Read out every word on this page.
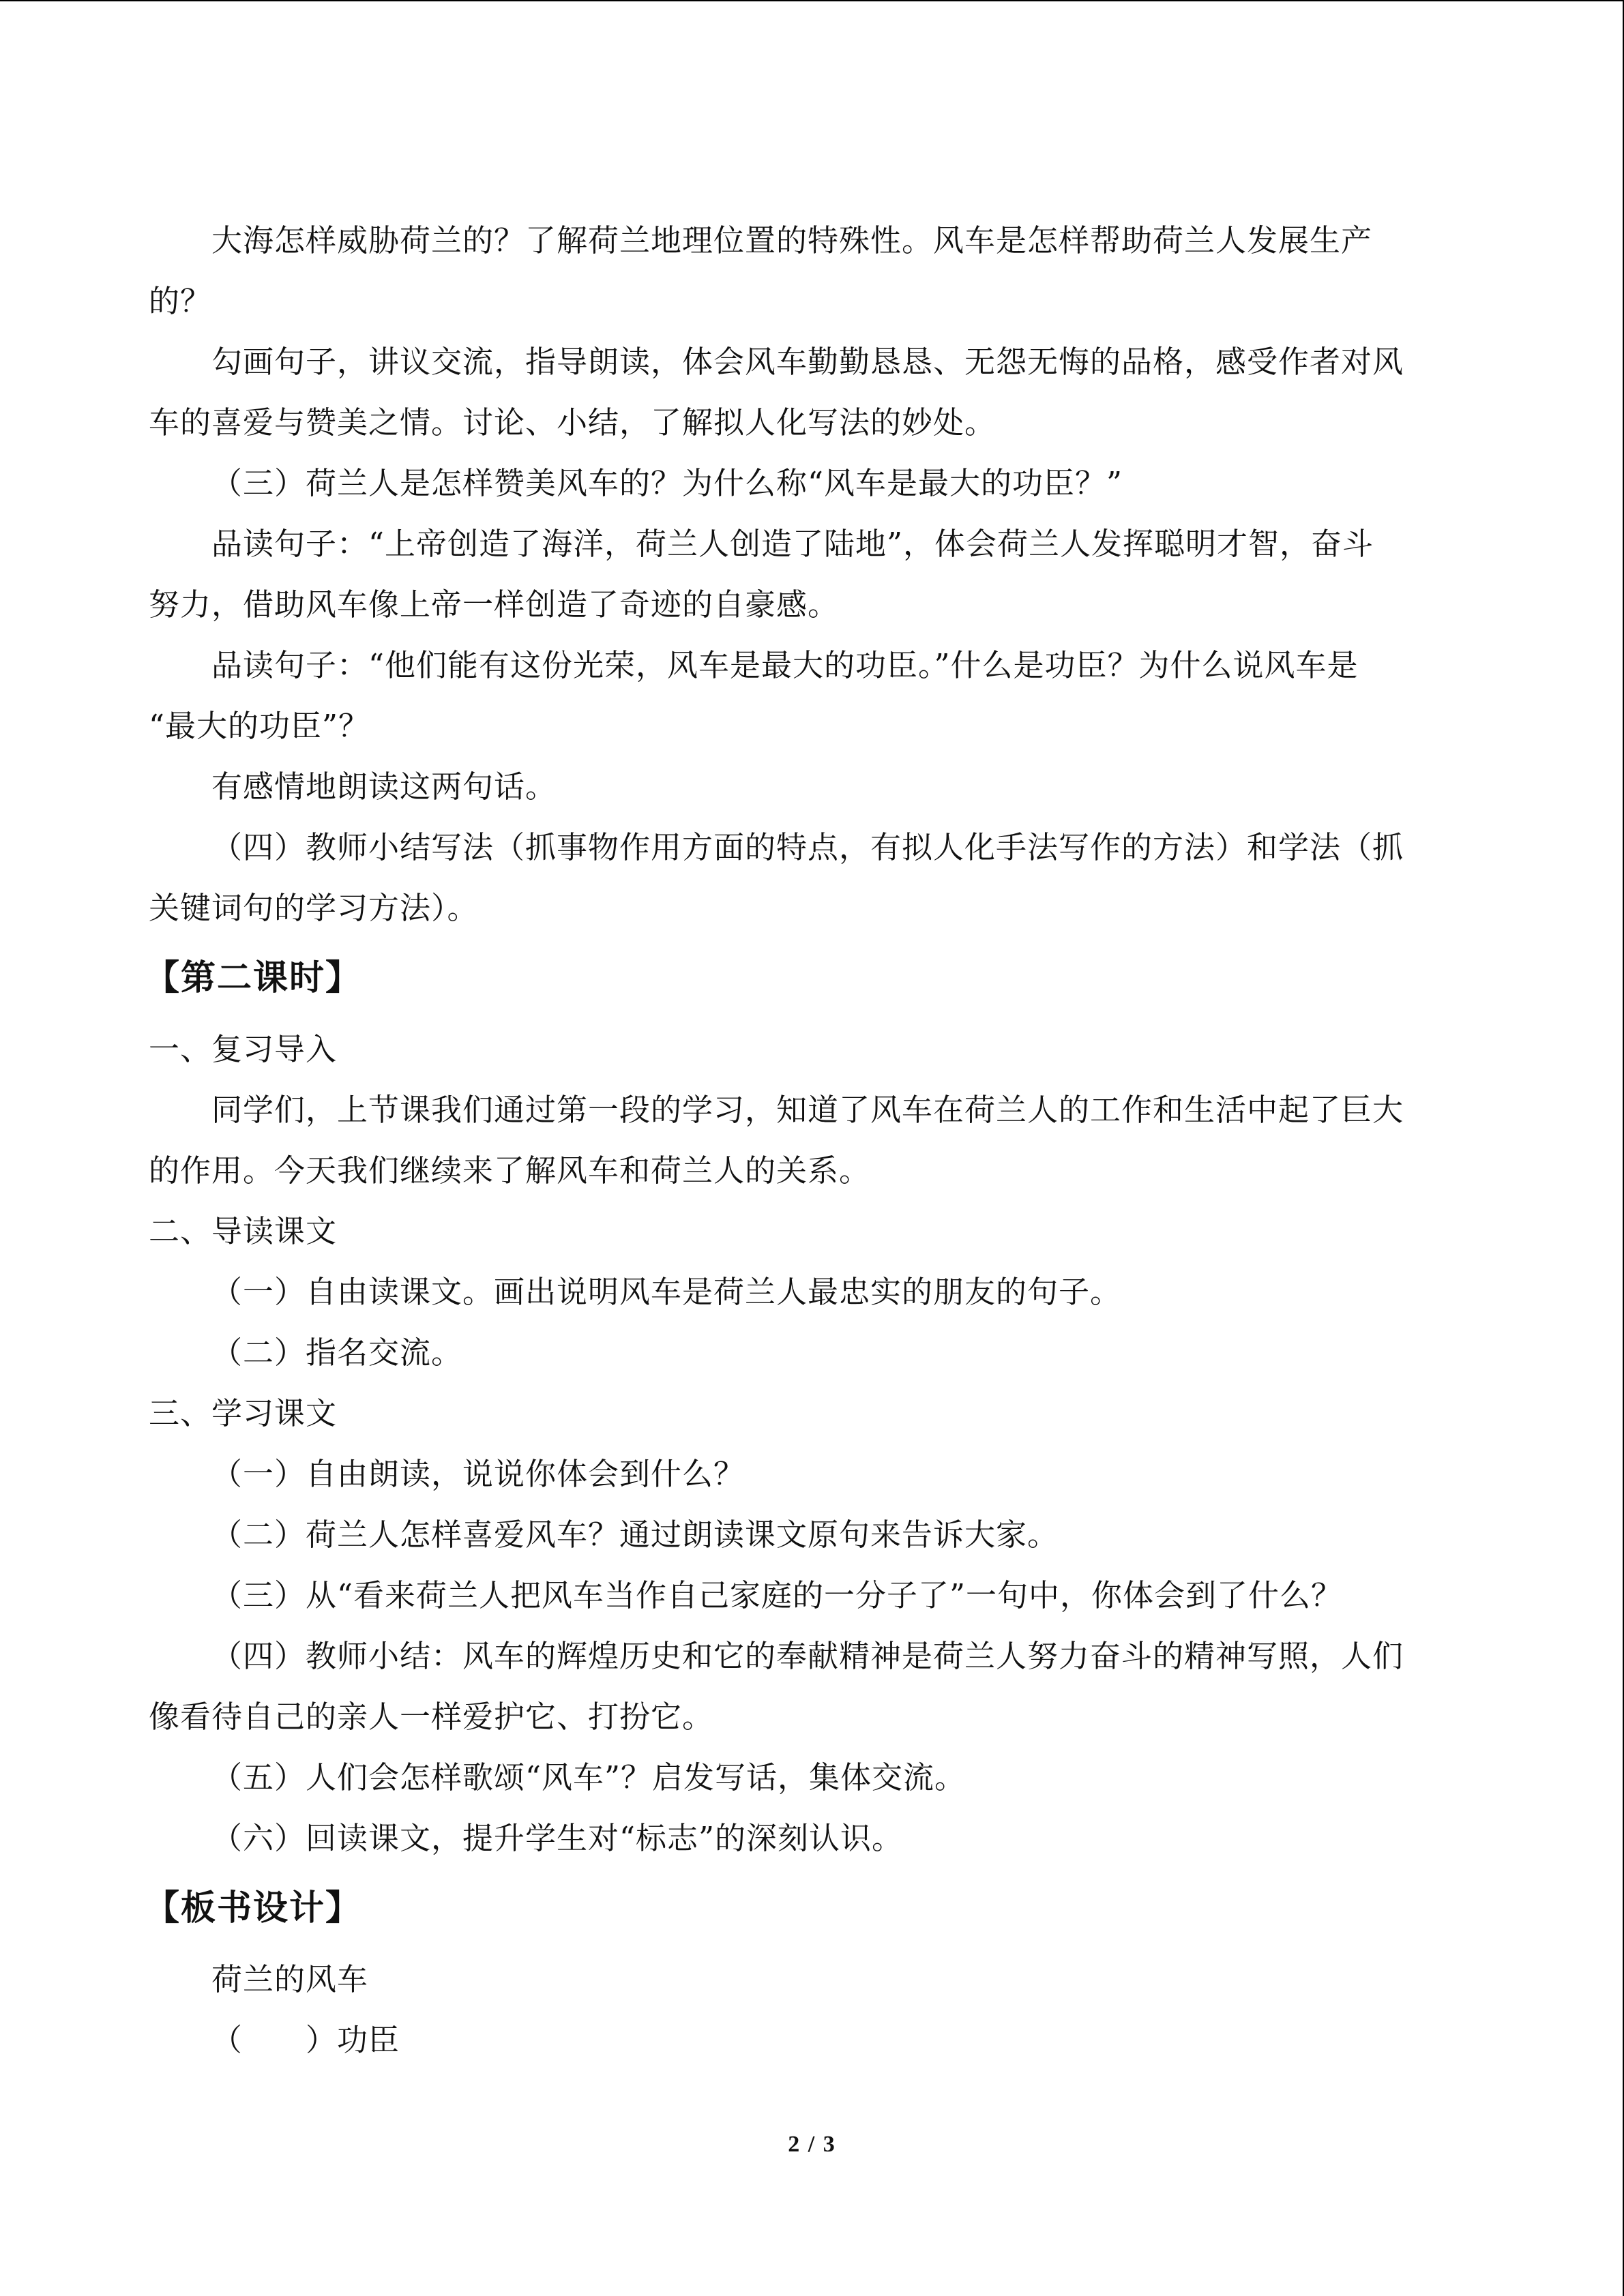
大海怎样威胁荷兰的？了解荷兰地理位置的特殊性。风车是怎样帮助荷兰人发展生产
的？
勾画句子，讲议交流，指导朗读，体会风车勤勤恳恳、无怨无悔的品格，感受作者对风
车的喜爱与赞美之情。讨论、小结，了解拟人化写法的妙处。
（三）荷兰人是怎样赞美风车的？为什么称“风车是最大的功臣？”
品读句子：“上帝创造了海洋，荷兰人创造了陆地”，体会荷兰人发挥聪明才智，奋斗
努力，借助风车像上帝一样创造了奇迹的自豪感。
品读句子：“他们能有这份光荣，风车是最大的功臣。”什么是功臣？为什么说风车是
“最大的功臣”？
有感情地朗读这两句话。
（四）教师小结写法（抓事物作用方面的特点，有拟人化手法写作的方法）和学法（抓
关键词句的学习方法）。
【第二课时】
一、复习导入
同学们，上节课我们通过第一段的学习，知道了风车在荷兰人的工作和生活中起了巨大
的作用。今天我们继续来了解风车和荷兰人的关系。
二、导读课文
（一）自由读课文。画出说明风车是荷兰人最忠实的朋友的句子。
（二）指名交流。
三、学习课文
（一）自由朗读，说说你体会到什么？
（二）荷兰人怎样喜爱风车？通过朗读课文原句来告诉大家。
（三）从“看来荷兰人把风车当作自己家庭的一分子了”一句中，你体会到了什么？
（四）教师小结：风车的辉煌历史和它的奉献精神是荷兰人努力奋斗的精神写照，人们
像看待自己的亲人一样爱护它、打扮它。
（五）人们会怎样歌颂“风车”？启发写话，集体交流。
（六）回读课文，提升学生对“标志”的深刻认识。
【板书设计】
荷兰的风车
（　　）功臣
2 / 3
